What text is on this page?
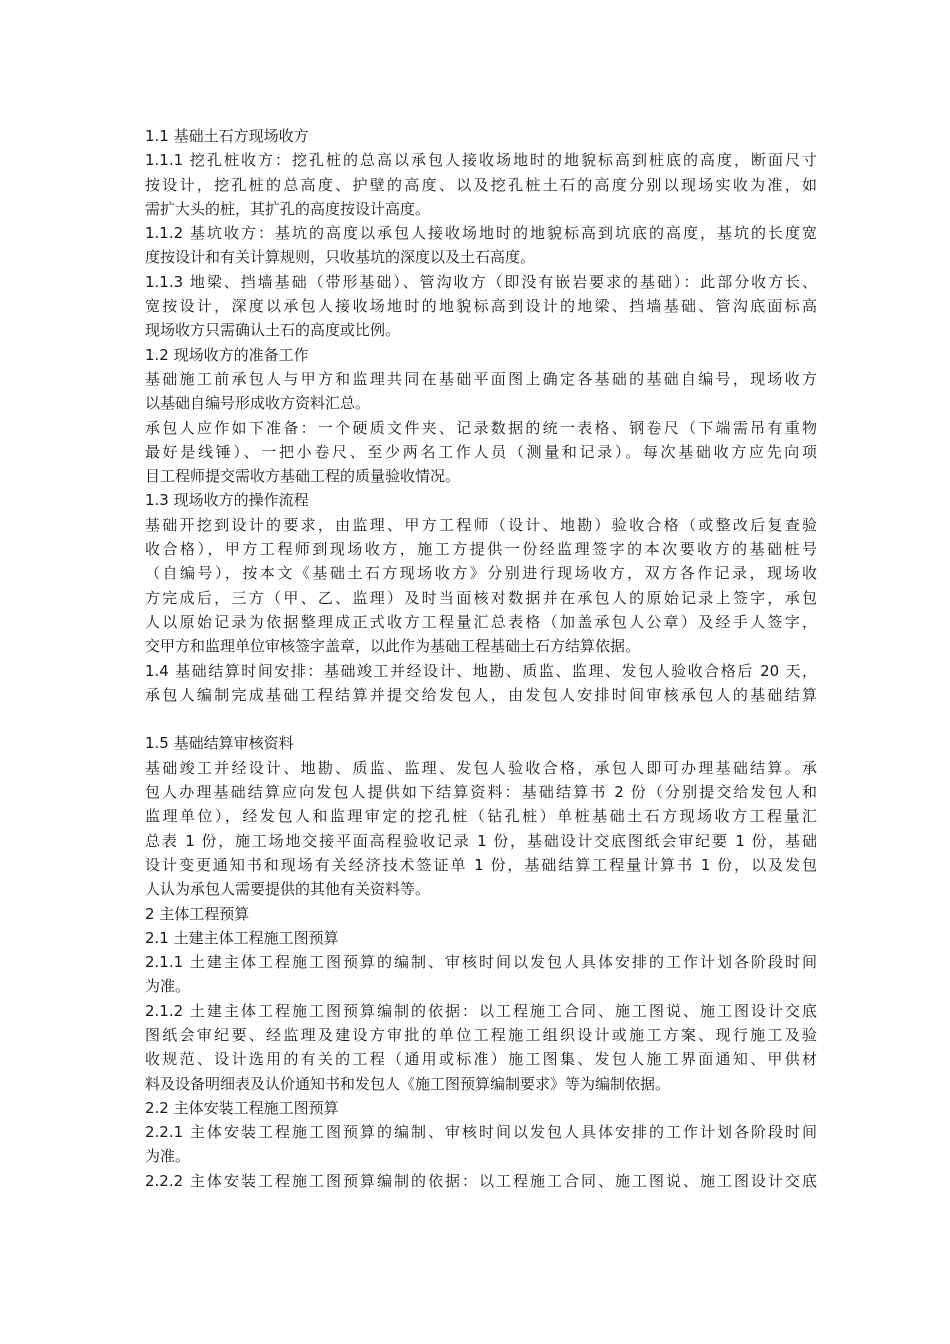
1.1 基础土石方现场收方
1.1.1 挖孔桩收方：挖孔桩的总高以承包人接收场地时的地貌标高到桩底的高度，断面尺寸
按设计，挖孔桩的总高度、护壁的高度、以及挖孔桩土石的高度分别以现场实收为准，如
需扩大头的桩，其扩孔的高度按设计高度。
1.1.2 基坑收方：基坑的高度以承包人接收场地时的地貌标高到坑底的高度，基坑的长度宽
度按设计和有关计算规则，只收基坑的深度以及土石高度。
1.1.3 地梁、挡墙基础（带形基础）、管沟收方（即没有嵌岩要求的基础）：此部分收方长、
宽按设计，深度以承包人接收场地时的地貌标高到设计的地梁、挡墙基础、管沟底面标高
现场收方只需确认土石的高度或比例。
1.2 现场收方的准备工作
基础施工前承包人与甲方和监理共同在基础平面图上确定各基础的基础自编号，现场收方
以基础自编号形成收方资料汇总。
承包人应作如下准备：一个硬质文件夹、记录数据的统一表格、钢卷尺（下端需吊有重物
最好是线锤）、一把小卷尺、至少两名工作人员（测量和记录）。每次基础收方应先向项
目工程师提交需收方基础工程的质量验收情况。
1.3 现场收方的操作流程
基础开挖到设计的要求，由监理、甲方工程师（设计、地勘）验收合格（或整改后复查验
收合格），甲方工程师到现场收方，施工方提供一份经监理签字的本次要收方的基础桩号
（自编号），按本文《基础土石方现场收方》分别进行现场收方，双方各作记录，现场收
方完成后，三方（甲、乙、监理）及时当面核对数据并在承包人的原始记录上签字，承包
人以原始记录为依据整理成正式收方工程量汇总表格（加盖承包人公章）及经手人签字，
交甲方和监理单位审核签字盖章，以此作为基础工程基础土石方结算依据。
1.4 基础结算时间安排：基础竣工并经设计、地勘、质监、监理、发包人验收合格后 20 天，
承包人编制完成基础工程结算并提交给发包人，由发包人安排时间审核承包人的基础结算
1.5 基础结算审核资料
基础竣工并经设计、地勘、质监、监理、发包人验收合格，承包人即可办理基础结算。承
包人办理基础结算应向发包人提供如下结算资料：基础结算书 2 份（分别提交给发包人和
监理单位），经发包人和监理审定的挖孔桩（钻孔桩）单桩基础土石方现场收方工程量汇
总表 1 份，施工场地交接平面高程验收记录 1 份，基础设计交底图纸会审纪要 1 份，基础
设计变更通知书和现场有关经济技术签证单 1 份，基础结算工程量计算书 1 份，以及发包
人认为承包人需要提供的其他有关资料等。
2 主体工程预算
2.1 土建主体工程施工图预算
2.1.1 土建主体工程施工图预算的编制、审核时间以发包人具体安排的工作计划各阶段时间
为准。
2.1.2 土建主体工程施工图预算编制的依据：以工程施工合同、施工图说、施工图设计交底
图纸会审纪要、经监理及建设方审批的单位工程施工组织设计或施工方案、现行施工及验
收规范、设计选用的有关的工程（通用或标准）施工图集、发包人施工界面通知、甲供材
料及设备明细表及认价通知书和发包人《施工图预算编制要求》等为编制依据。
2.2 主体安装工程施工图预算
2.2.1 主体安装工程施工图预算的编制、审核时间以发包人具体安排的工作计划各阶段时间
为准。
2.2.2 主体安装工程施工图预算编制的依据：以工程施工合同、施工图说、施工图设计交底
